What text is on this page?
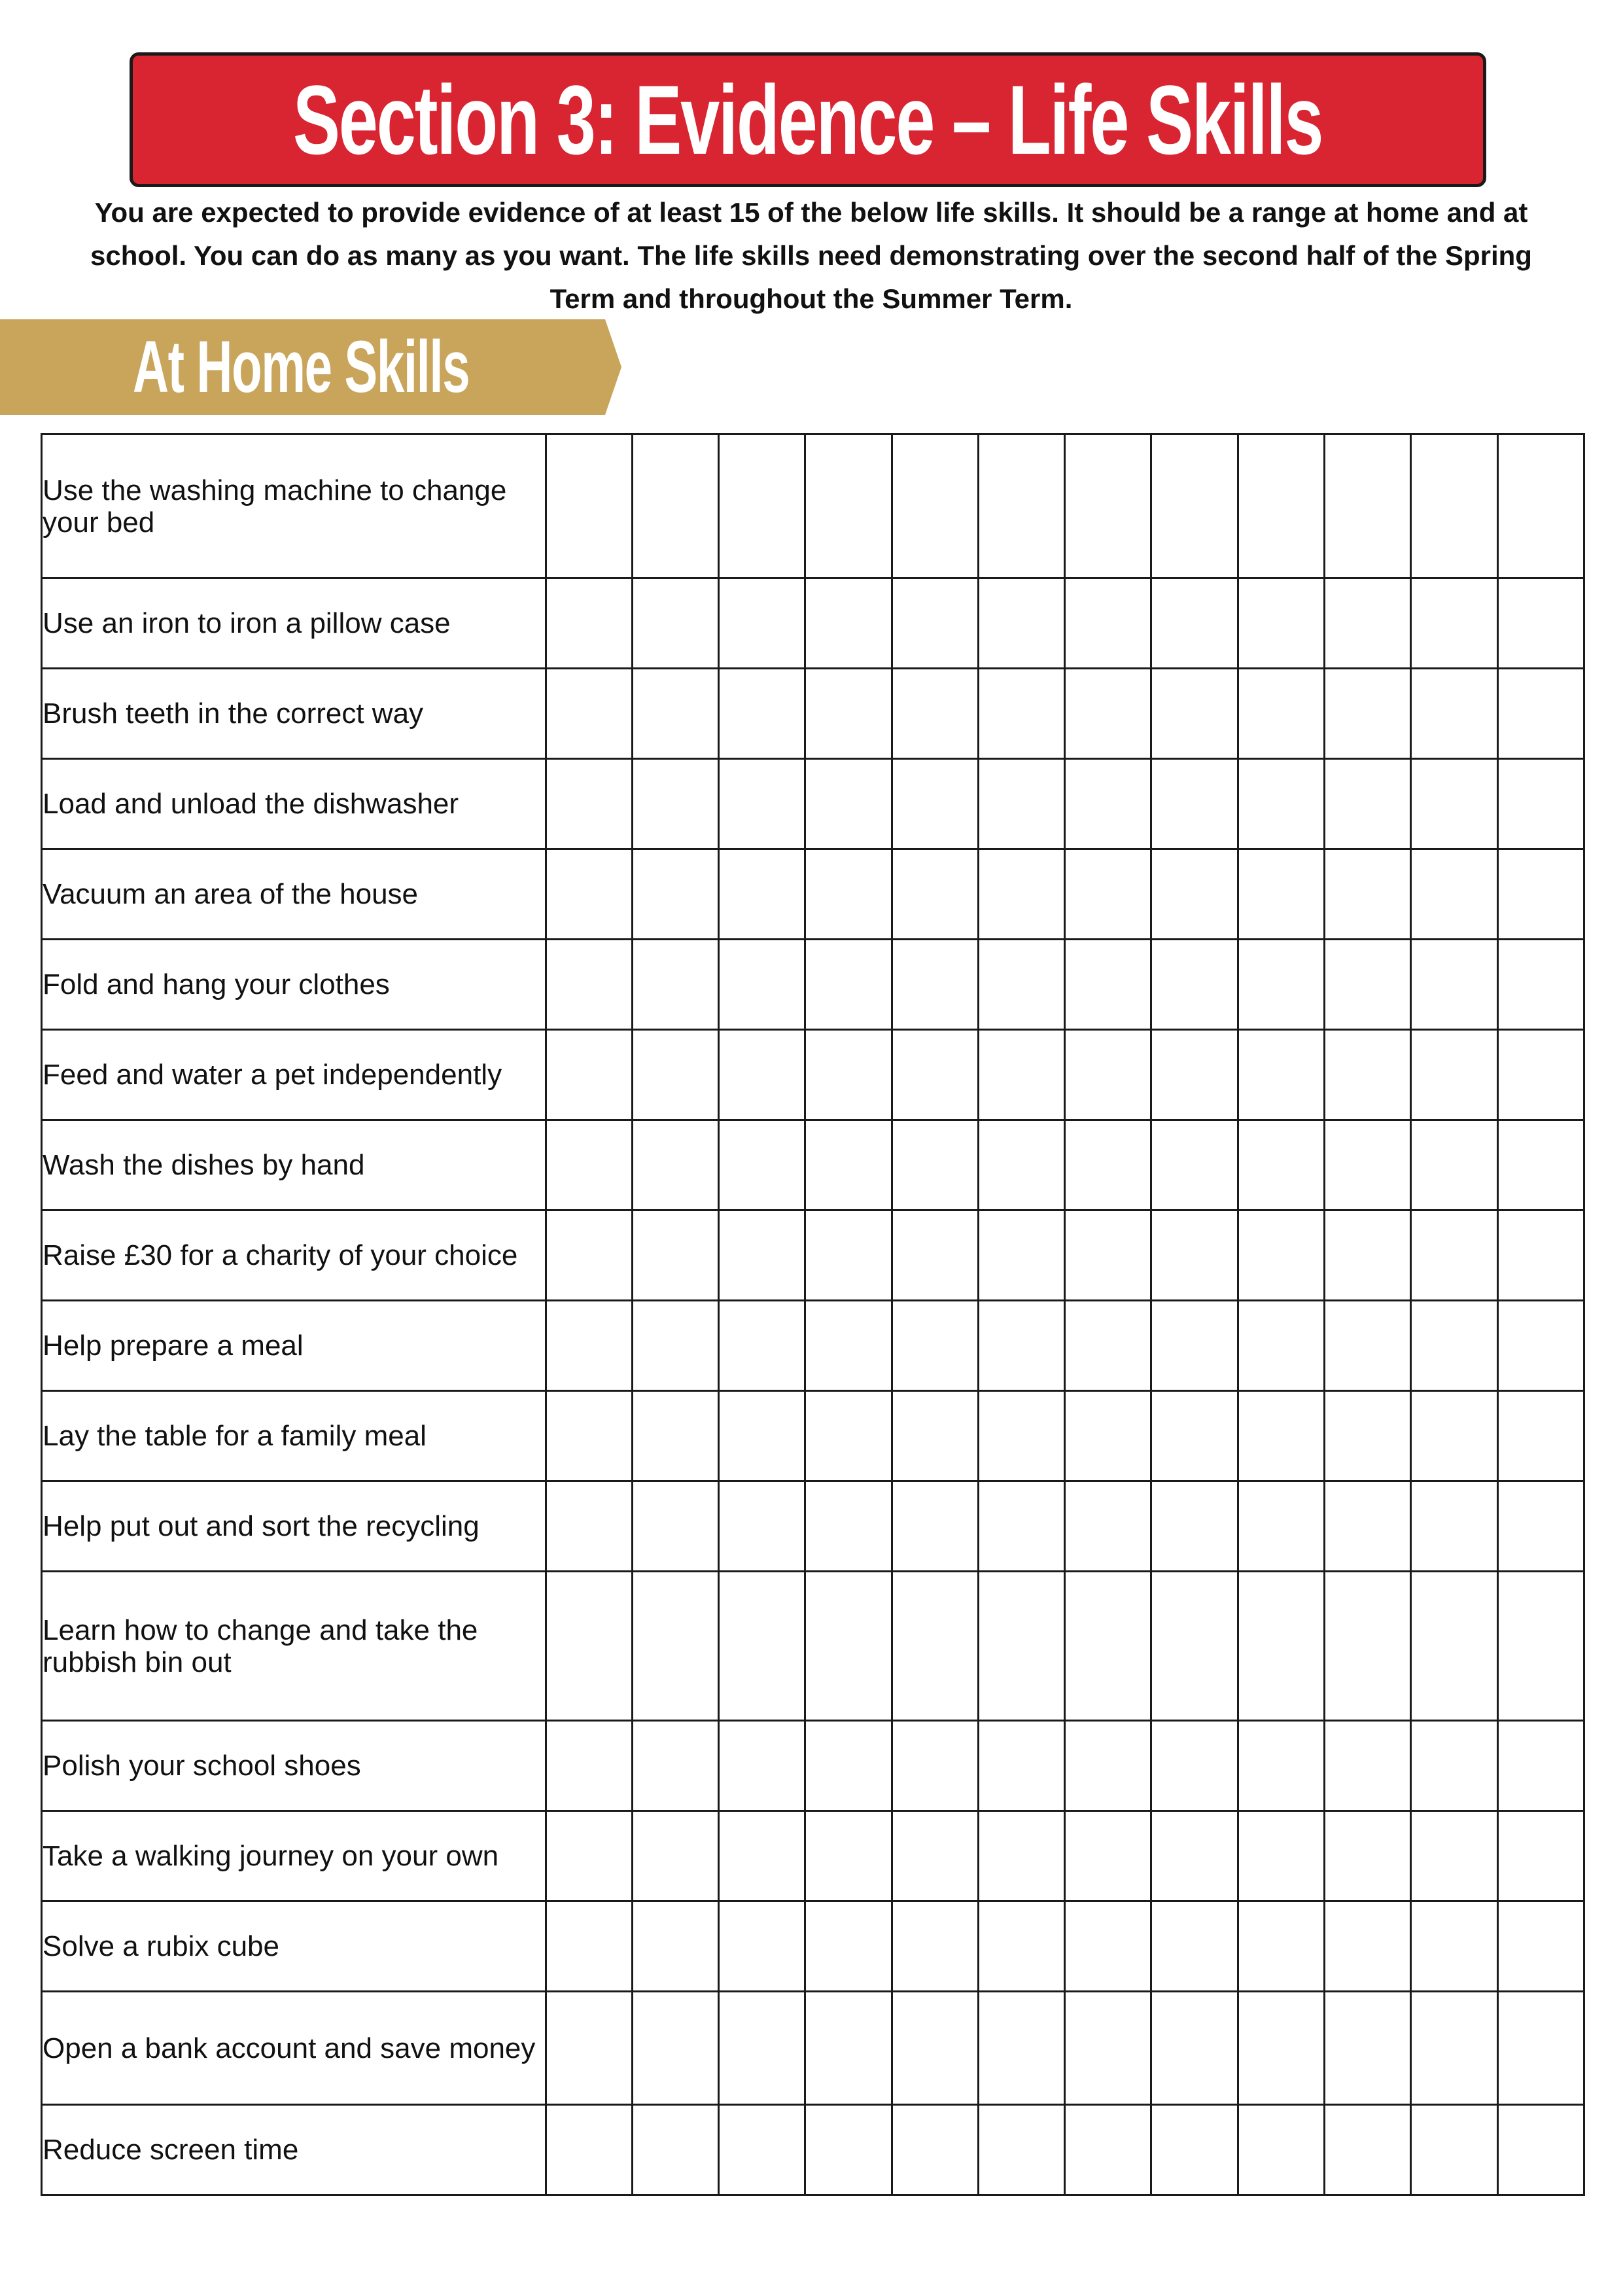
Section 3: Evidence – Life Skills
You are expected to provide evidence of at least 15 of the below life skills. It should be a range at home and at
school. You can do as many as you want. The life skills need demonstrating over the second half of the Spring
Term and throughout the Summer Term.
At Home Skills
Use the washing machine to change your bed												
Use an iron to iron a pillow case												
Brush teeth in the correct way												
Load and unload the dishwasher												
Vacuum an area of the house												
Fold and hang your clothes												
Feed and water a pet independently												
Wash the dishes by hand												
Raise £30 for a charity of your choice												
Help prepare a meal												
Lay the table for a family meal												
Help put out and sort the recycling												
Learn how to change and take the rubbish bin out												
Polish your school shoes												
Take a walking journey on your own												
Solve a rubix cube												
Open a bank account and save money												
Reduce screen time												
